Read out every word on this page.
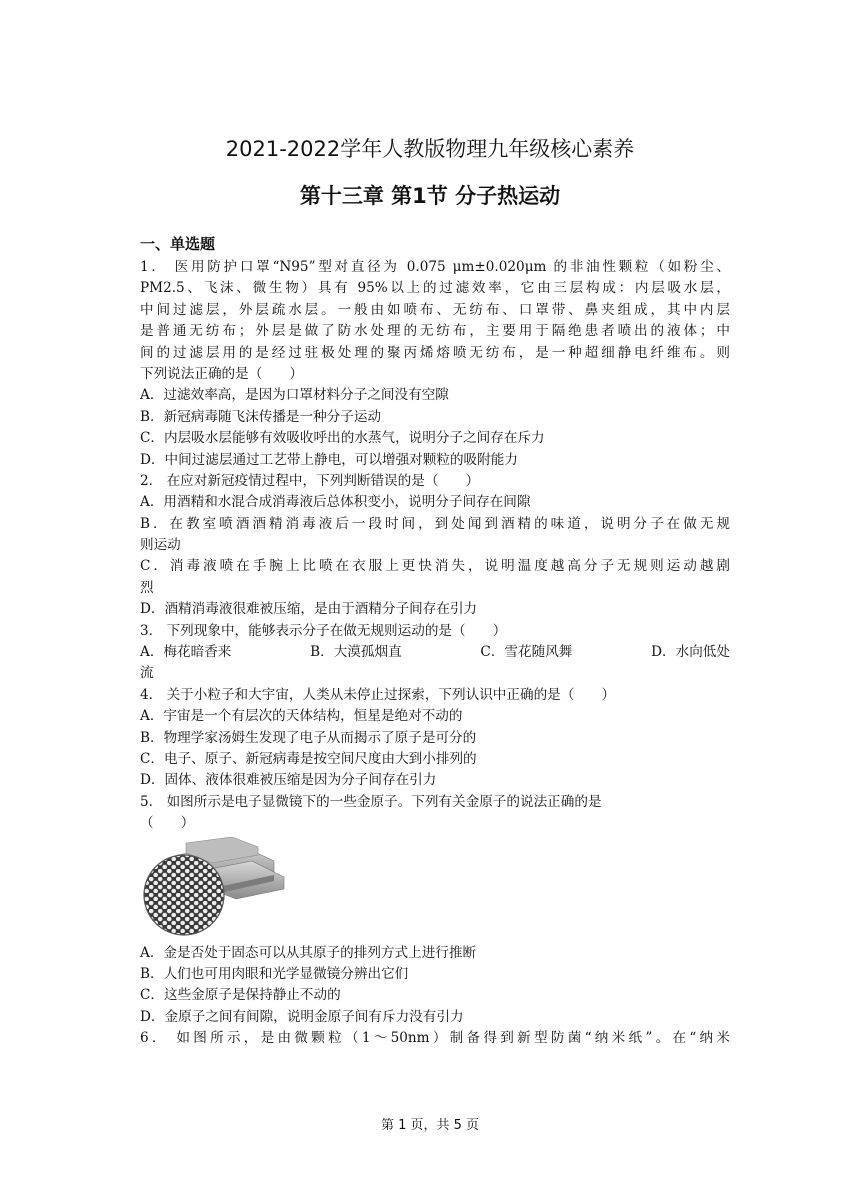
2021-2022学年人教版物理九年级核心素养
第十三章 第1节 分子热运动
一、单选题
1． 医用防护口罩“N95”型对直径为 0.075 μm±0.020μm 的非油性颗粒（如粉尘、
PM2.5、飞沫、微生物）具有 95%以上的过滤效率，它由三层构成：内层吸水层，
中间过滤层，外层疏水层。一般由如喷布、无纺布、口罩带、鼻夹组成，其中内层
是普通无纺布；外层是做了防水处理的无纺布，主要用于隔绝患者喷出的液体；中
间的过滤层用的是经过驻极处理的聚丙烯熔喷无纺布，是一种超细静电纤维布。则
下列说法正确的是（　　）
A．过滤效率高，是因为口罩材料分子之间没有空隙
B．新冠病毒随飞沫传播是一种分子运动
C．内层吸水层能够有效吸收呼出的水蒸气，说明分子之间存在斥力
D．中间过滤层通过工艺带上静电，可以增强对颗粒的吸附能力
2． 在应对新冠疫情过程中，下列判断错误的是（　　）
A．用酒精和水混合成消毒液后总体积变小，说明分子间存在间隙
B．在教室喷酒酒精消毒液后一段时间，到处闻到酒精的味道，说明分子在做无规
则运动
C．消毒液喷在手腕上比喷在衣服上更快消失，说明温度越高分子无规则运动越剧
烈
D．酒精消毒液很难被压缩，是由于酒精分子间存在引力
3． 下列现象中，能够表示分子在做无规则运动的是（　　）
A．梅花暗香来	B．大漠孤烟直	C．雪花随风舞	D．水向低处
流
4． 关于小粒子和大宇宙，人类从未停止过探索，下列认识中正确的是（　　）
A．宇宙是一个有层次的天体结构，恒星是绝对不动的
B．物理学家汤姆生发现了电子从而揭示了原子是可分的
C．电子、原子、新冠病毒是按空间尺度由大到小排列的
D．固体、液体很难被压缩是因为分子间存在引力
5． 如图所示是电子显微镜下的一些金原子。下列有关金原子的说法正确的是
（　　）
A．金是否处于固态可以从其原子的排列方式上进行推断
B．人们也可用肉眼和光学显微镜分辨出它们
C．这些金原子是保持静止不动的
D．金原子之间有间隙，说明金原子间有斥力没有引力
6． 如图所示，是由微颗粒（1～50nm）制备得到新型防菌“纳米纸”。在“纳米
第 1 页，共 5 页
